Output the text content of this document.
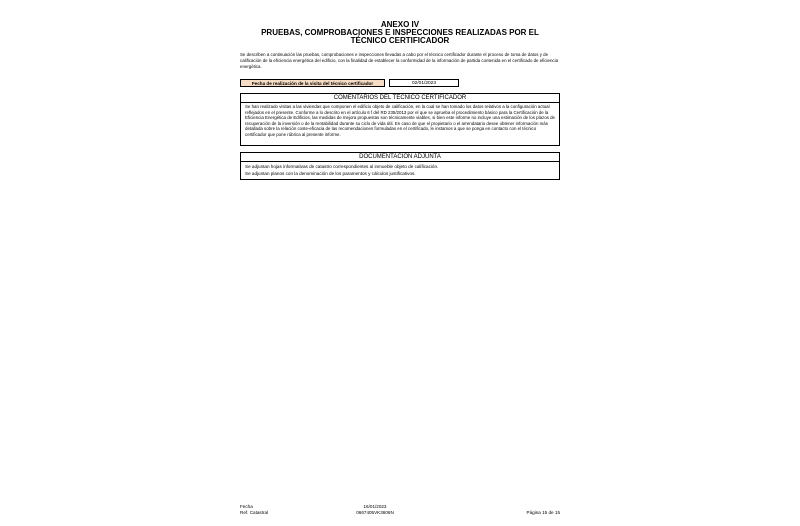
ANEXO IV
PRUEBAS, COMPROBACIONES E INSPECCIONES REALIZADAS POR EL
TÉCNICO CERTIFICADOR
Se describen a continuación las pruebas, comprobaciones e inspecciones llevadas a cabo por el técnico certificador durante el proceso de toma de datos y de calificación de la eficiencia energética del edificio, con la finalidad de establecer la conformidad de la información de partida contenida en el certificado de eficiencia energética.
Fecha de realización de la visita del técnico certificador	02/01/2023
COMENTARIOS DEL TÉCNICO CERTIFICADOR
Se han realizado visitas a las viviendas que componen el edificio objeto de calificación, en la cual se han tomado los datos relativos a la configuración actual reflejados en el presente. Conforme a lo descrito en el artículo 6 f del RD 235/2013 por el que se aprueba el procedimiento básico para la Certificación de la Eficiencia Energética de Edificios, las medidas de mejora propuestas son técnicamente viables, si bien este informe no incluye una estimación de los plazos de recuperación de la inversión o de la rentabilidad durante su ciclo de vida útil. En caso de que el propietario o el arrendatario desee obtener información más detallada sobre la relación coste-eficacia de las recomendaciones formuladas en el certificado, le instamos a que se ponga en contacto con el técnico certificador que pone rúbrica al presente informe.
DOCUMENTACIÓN ADJUNTA
Se adjuntan hojas informativas de catastro correspondientes al inmueble objeto de calificación.
Se adjuntan planos con la denominación de los paramentos y cálculos justificativos.
Fecha
Ref. Catastral
16/01/2023
0667405VK3606N	Página 15 de 15
